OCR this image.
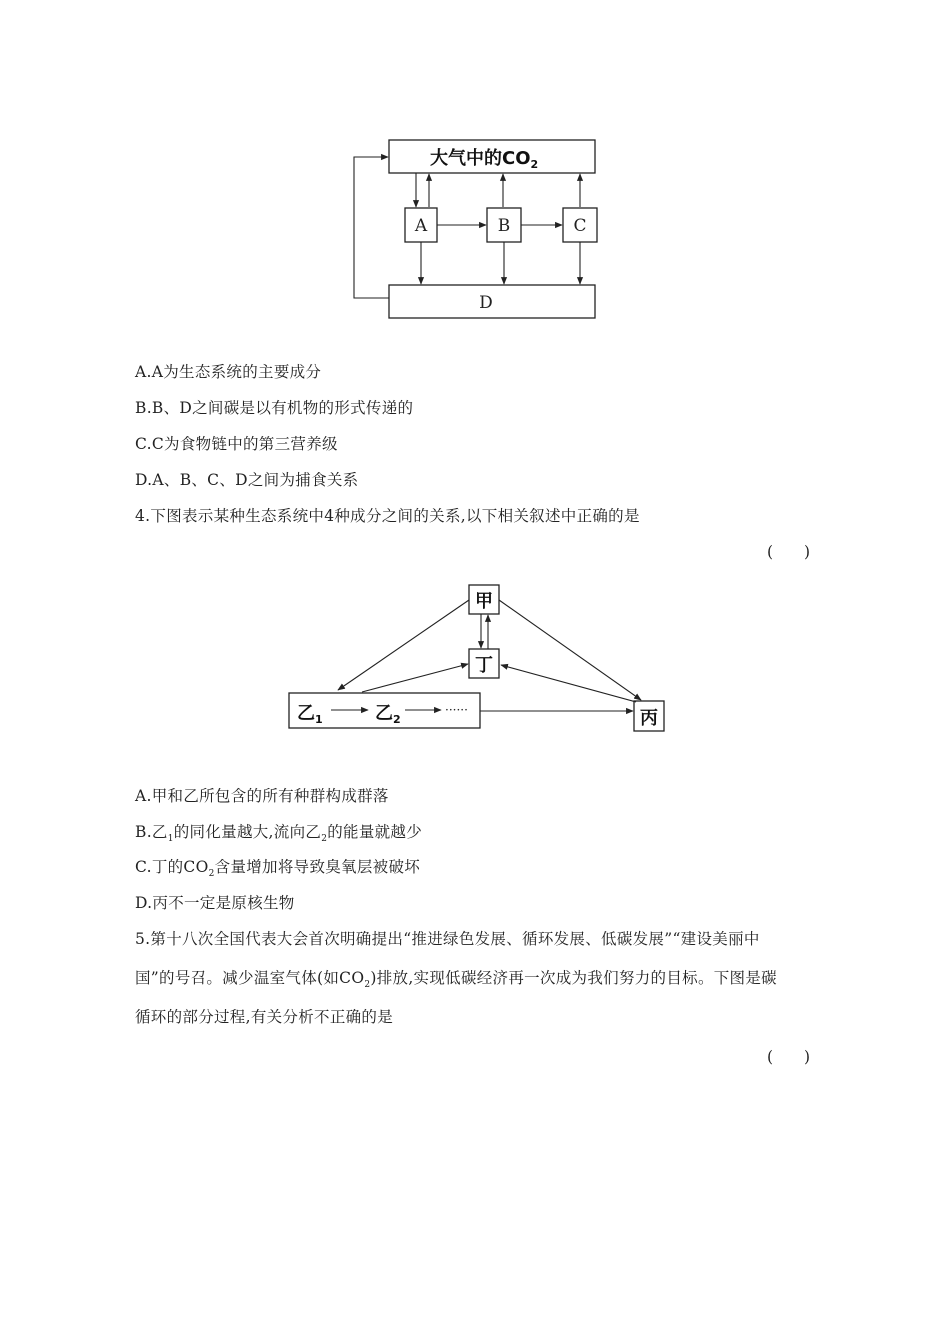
大气中的$CO_2$
A	B	C
D
A.A为生态系统的主要成分
B.B、D之间碳是以有机物的形式传递的
C.C为食物链中的第三营养级
D.A、B、C、D之间为捕食关系
4.下图表示某种生态系统中4种成分之间的关系,以下相关叙述中正确的是
(　　)
甲
丁
丙
乙$_1$	乙$_2$
······
A.甲和乙所包含的所有种群构成群落
B.乙$_1$的同化量越大,流向乙$_2$的能量就越少
C.丁的$CO_2$含量增加将导致臭氧层被破坏
D.丙不一定是原核生物
5.第十八次全国代表大会首次明确提出“推进绿色发展、循环发展、低碳发展”“建设美丽中
国”的号召。减少温室气体(如$CO_2$)排放,实现低碳经济再一次成为我们努力的目标。下图是碳
循环的部分过程,有关分析不正确的是
(　　)
